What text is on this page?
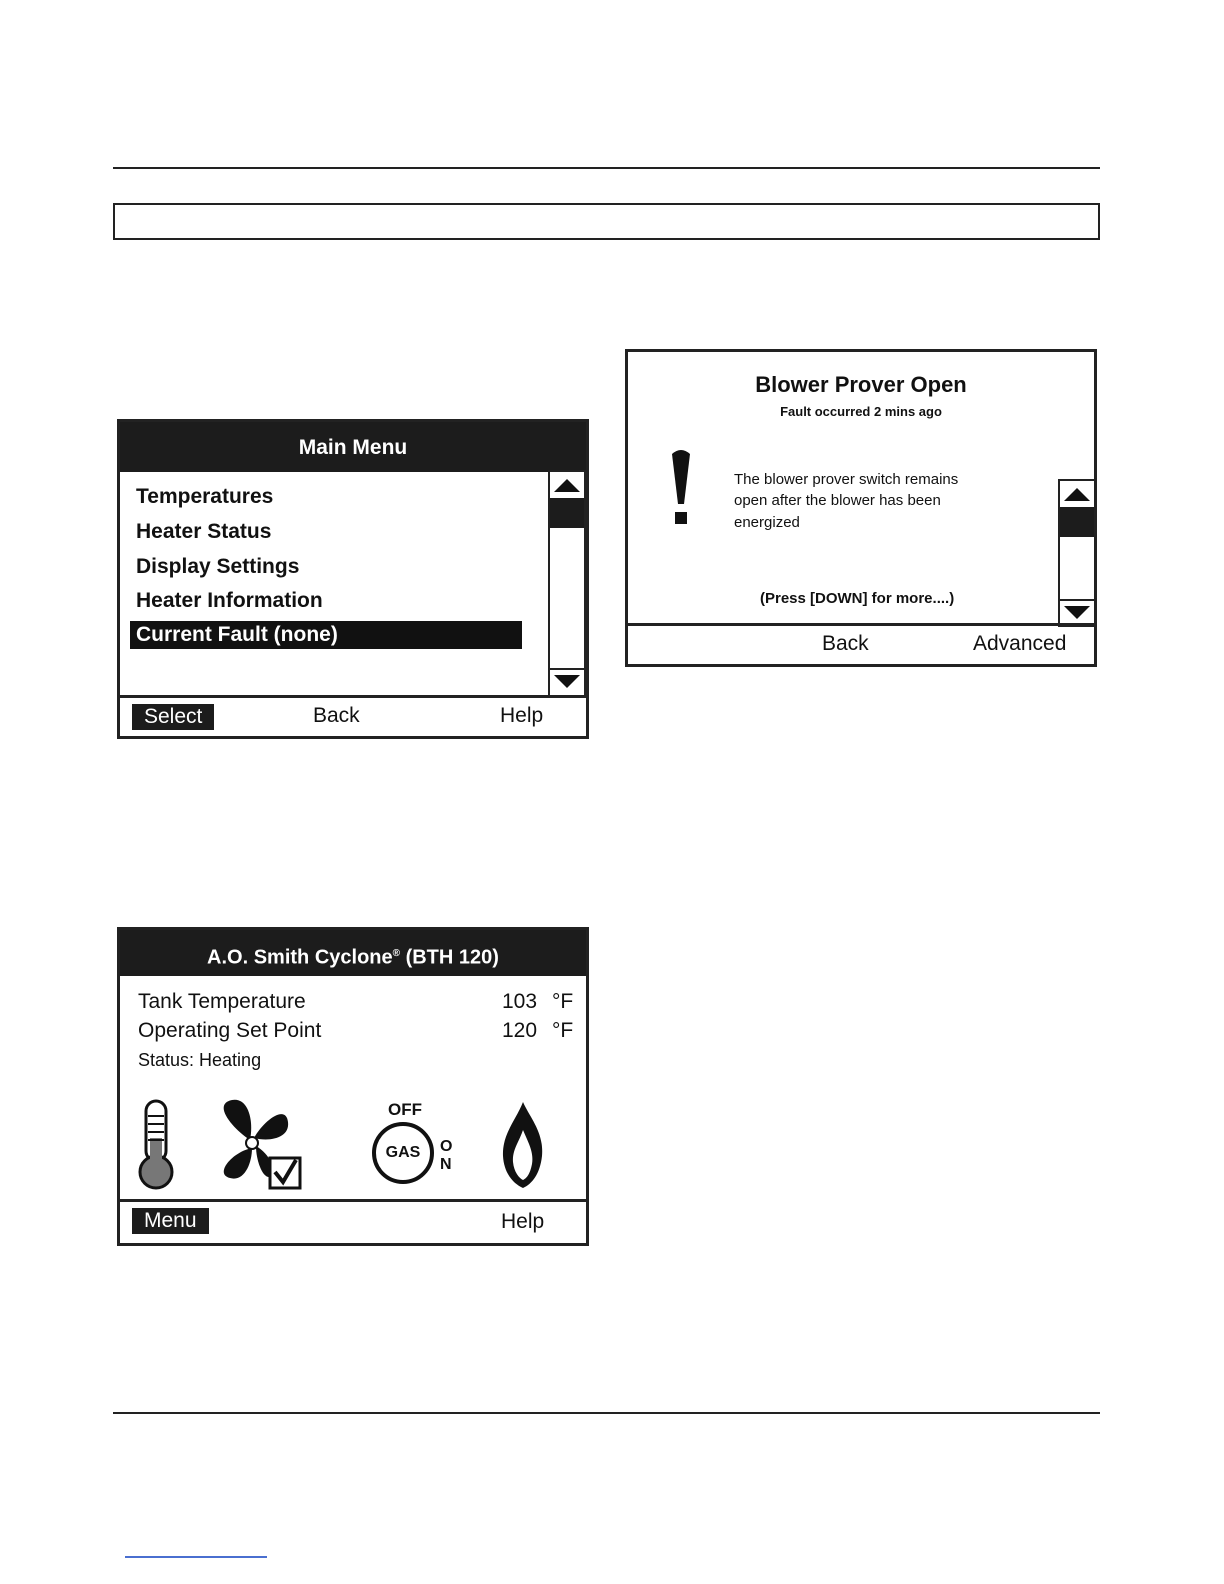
Main Menu
Temperatures
Heater Status
Display Settings
Heater Information
Current Fault (none)
Select	Back	Help
Blower Prover Open
Fault occurred 2 mins ago
The blower prover switch remains
open after the blower has been
energized
(Press [DOWN] for more....)
Back	Advanced
A.O. Smith Cyclone® (BTH 120)
Tank Temperature	103 °F
Operating Set Point	120 °F
Status: Heating
OFF
GAS	O
N
Menu	Help
